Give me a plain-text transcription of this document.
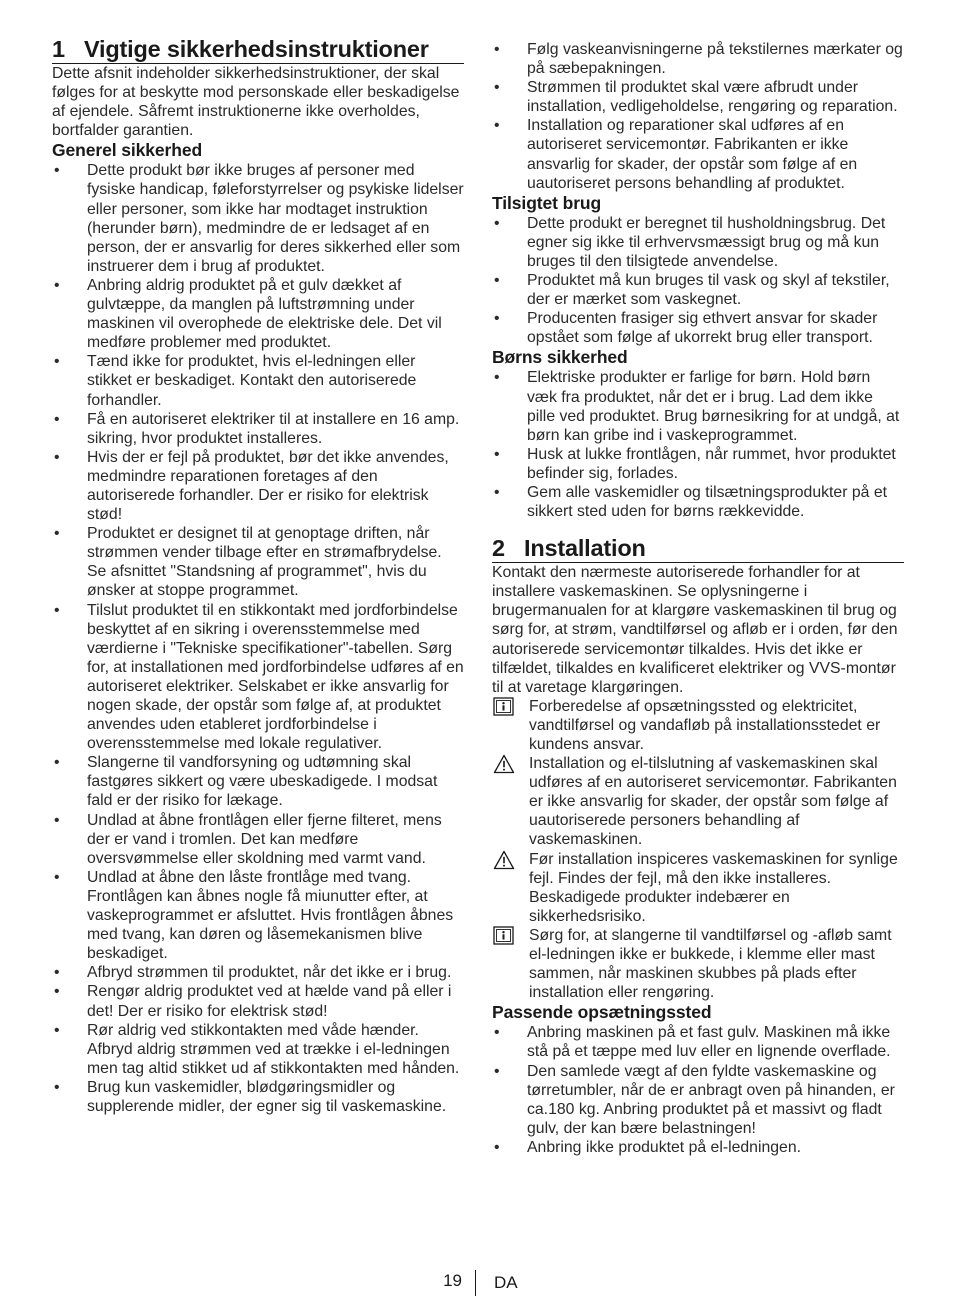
1 Vigtige sikkerhedsinstruktioner

Dette afsnit indeholder sikkerhedsinstruktioner, der skal følges for at beskytte mod personskade eller beskadigelse af ejendele. Såfremt instruktionerne ikke overholdes, bortfalder garantien.

Generel sikkerhed
• Dette produkt bør ikke bruges af personer med fysiske handicap, føleforstyrrelser og psykiske lidelser eller personer, som ikke har modtaget instruktion (herunder børn), medmindre de er ledsaget af en person, der er ansvarlig for deres sikkerhed eller som instruerer dem i brug af produktet.
• Anbring aldrig produktet på et gulv dækket af gulvtæppe, da manglen på luftstrømning under maskinen vil overophede de elektriske dele. Det vil medføre problemer med produktet.
• Tænd ikke for produktet, hvis el-ledningen eller stikket er beskadiget. Kontakt den autoriserede forhandler.
• Få en autoriseret elektriker til at installere en 16 amp. sikring, hvor produktet installeres.
• Hvis der er fejl på produktet, bør det ikke anvendes, medmindre reparationen foretages af den autoriserede forhandler. Der er risiko for elektrisk stød!
• Produktet er designet til at genoptage driften, når strømmen vender tilbage efter en strømafbrydelse. Se afsnittet "Standsning af programmet", hvis du ønsker at stoppe programmet.
• Tilslut produktet til en stikkontakt med jordforbindelse beskyttet af en sikring i overensstemmelse med værdierne i "Tekniske specifikationer"-tabellen. Sørg for, at installationen med jordforbindelse udføres af en autoriseret elektriker. Selskabet er ikke ansvarlig for nogen skade, der opstår som følge af, at produktet anvendes uden etableret jordforbindelse i overensstemmelse med lokale regulativer.
• Slangerne til vandforsyning og udtømning skal fastgøres sikkert og være ubeskadigede. I modsat fald er der risiko for lækage.
• Undlad at åbne frontlågen eller fjerne filteret, mens der er vand i tromlen. Det kan medføre oversvømmelse eller skoldning med varmt vand.
• Undlad at åbne den låste frontlåge med tvang. Frontlågen kan åbnes nogle få miunutter efter, at vaskeprogrammet er afsluttet. Hvis frontlågen åbnes med tvang, kan døren og låsemekanismen blive beskadiget.
• Afbryd strømmen til produktet, når det ikke er i brug.
• Rengør aldrig produktet ved at hælde vand på eller i det! Der er risiko for elektrisk stød!
• Rør aldrig ved stikkontakten med våde hænder. Afbryd aldrig strømmen ved at trække i el-ledningen men tag altid stikket ud af stikkontakten med hånden.
• Brug kun vaskemidler, blødgøringsmidler og supplerende midler, der egner sig til vaskemaskine.
• Følg vaskeanvisningerne på tekstilernes mærkater og på sæbepakningen.
• Strømmen til produktet skal være afbrudt under installation, vedligeholdelse, rengøring og reparation.
• Installation og reparationer skal udføres af en autoriseret servicemontør. Fabrikanten er ikke ansvarlig for skader, der opstår som følge af en uautoriseret persons behandling af produktet.
Tilsigtet brug
• Dette produkt er beregnet til husholdningsbrug. Det egner sig ikke til erhvervsmæssigt brug og må kun bruges til den tilsigtede anvendelse.
• Produktet må kun bruges til vask og skyl af tekstiler, der er mærket som vaskegnet.
• Producenten frasiger sig ethvert ansvar for skader opstået som følge af ukorrekt brug eller transport.
Børns sikkerhed
• Elektriske produkter er farlige for børn. Hold børn væk fra produktet, når det er i brug. Lad dem ikke pille ved produktet. Brug børnesikring for at undgå, at børn kan gribe ind i vaskeprogrammet.
• Husk at lukke frontlågen, når rummet, hvor produktet befinder sig, forlades.
• Gem alle vaskemidler og tilsætningsprodukter på et sikkert sted uden for børns rækkevidde.
2 Installation

Kontakt den nærmeste autoriserede forhandler for at installere vaskemaskinen. Se oplysningerne i brugermanualen for at klargøre vaskemaskinen til brug og sørg for, at strøm, vandtilførsel og afløb er i orden, før den autoriserede servicemontør tilkaldes. Hvis det ikke er tilfældet, tilkaldes en kvalificeret elektriker og VVS-montør til at varetage klargøringen.

Forberedelse af opsætningssted og elektricitet, vandtilførsel og vandafløb på installationsstedet er kundens ansvar.
Installation og el-tilslutning af vaskemaskinen skal udføres af en autoriseret servicemontør. Fabrikanten er ikke ansvarlig for skader, der opstår som følge af uautoriserede personers behandling af vaskemaskinen.
Før installation inspiceres vaskemaskinen for synlige fejl. Findes der fejl, må den ikke installeres. Beskadigede produkter indebærer en sikkerhedsrisiko.
Sørg for, at slangerne til vandtilførsel og -afløb samt el-ledningen ikke er bukkede, i klemme eller mast sammen, når maskinen skubbes på plads efter installation eller rengøring.
Passende opsætningssted
• Anbring maskinen på et fast gulv. Maskinen må ikke stå på et tæppe med luv eller en lignende overflade.
• Den samlede vægt af den fyldte vaskemaskine og tørretumbler, når de er anbragt oven på hinanden, er ca.180 kg. Anbring produktet på et massivt og fladt gulv, der kan bære belastningen!
• Anbring ikke produktet på el-ledningen.
19 DA
